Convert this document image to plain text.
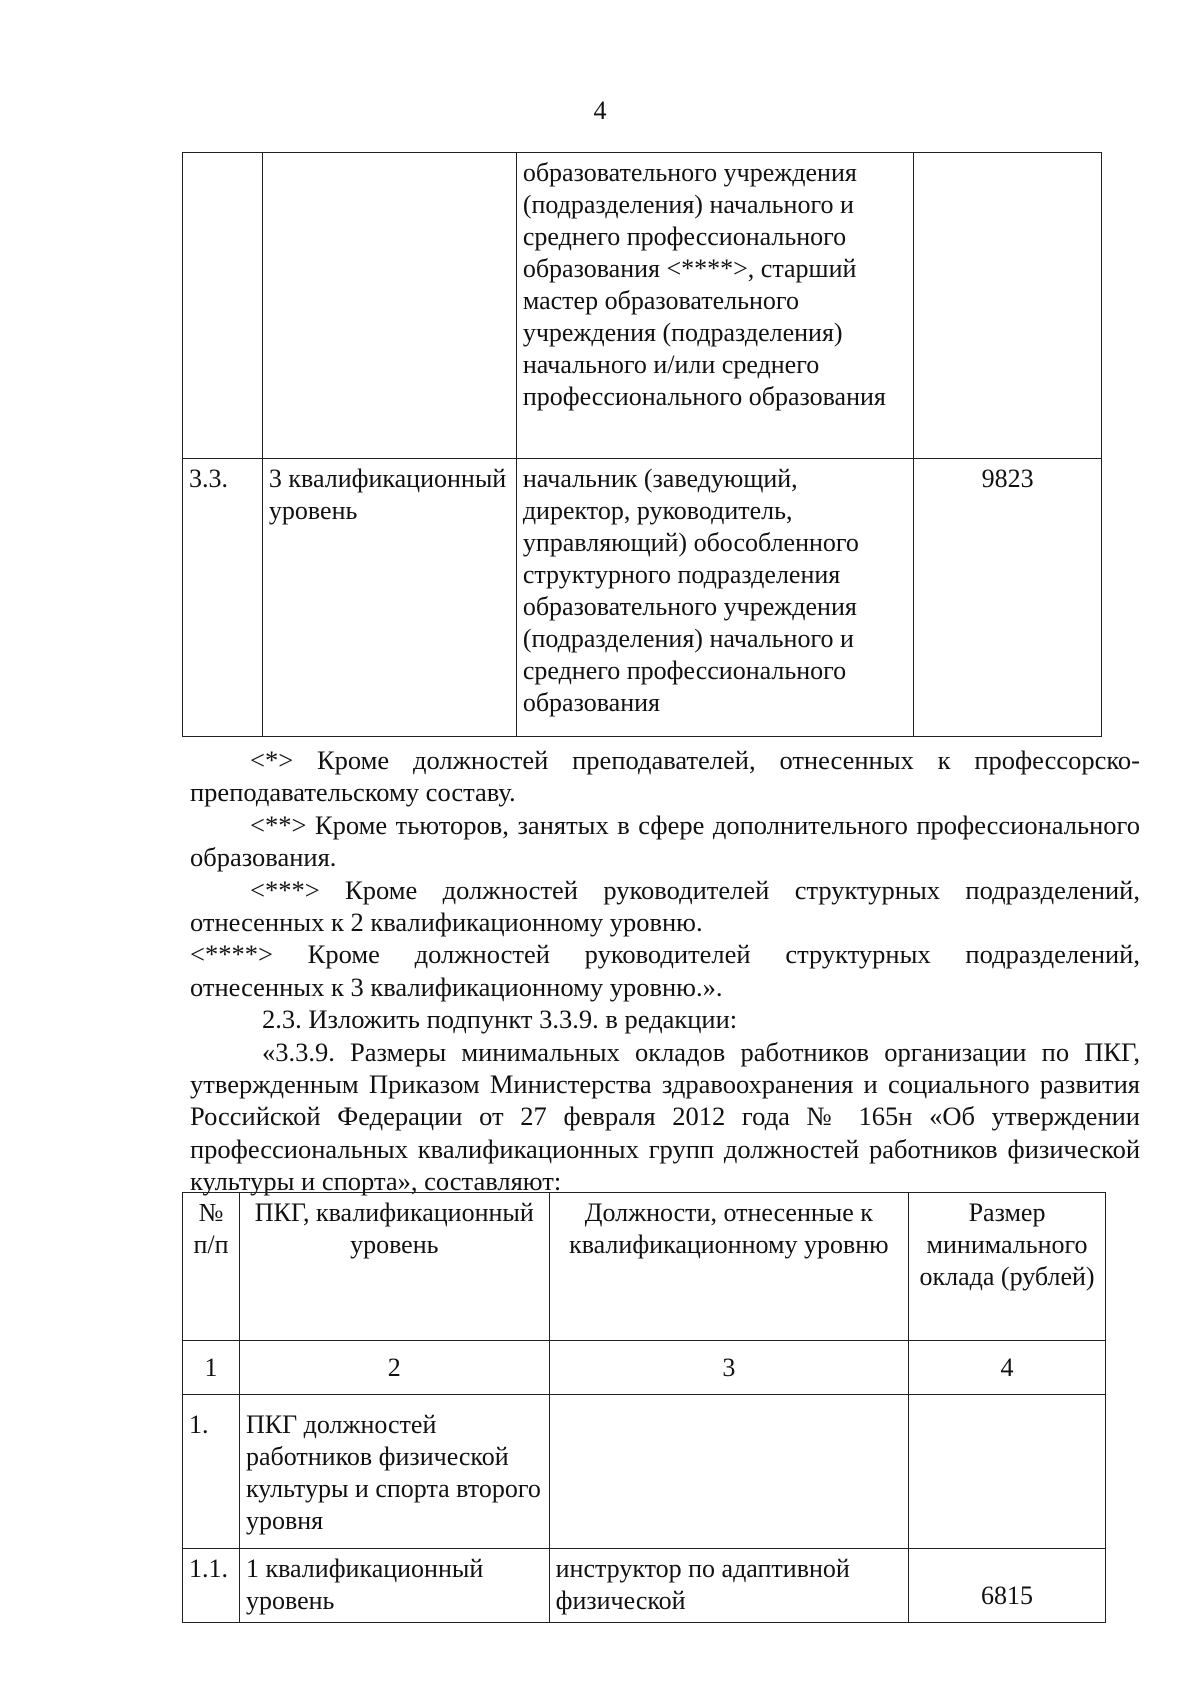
4
		образовательного учреждения (подразделения) начального и среднего профессионального образования <****>, старший мастер образовательного учреждения (подразделения) начального и/или среднего профессионального образования	
3.3.	3 квалификационный уровень	начальник (заведующий, директор, руководитель, управляющий) обособленного структурного подразделения образовательного учреждения (подразделения) начального и среднего профессионального образования	9823

<*> Кроме должностей преподавателей, отнесенных к профессорско-преподавательскому составу.

<**> Кроме тьюторов, занятых в сфере дополнительного профессионального образования.

<***> Кроме должностей руководителей структурных подразделений, отнесенных к 2 квалификационному уровню.

<****> Кроме должностей руководителей структурных подразделений, отнесенных к 3 квалификационному уровню.».

2.3. Изложить подпункт 3.3.9. в редакции:

«3.3.9. Размеры минимальных окладов работников организации по ПКГ, утвержденным Приказом Министерства здравоохранения и социального развития Российской Федерации от 27 февраля 2012 года № 165н «Об утверждении профессиональных квалификационных групп должностей работников физической культуры и спорта», составляют:

№ п/п	ПКГ, квалификационный уровень	Должности, отнесенные к квалификационному уровню	Размер минимального оклада (рублей)
1	2	3	4
1.	ПКГ должностей работников физической культуры и спорта второго уровня		
1.1.	1 квалификационный уровень	инструктор по адаптивной физической	6815
